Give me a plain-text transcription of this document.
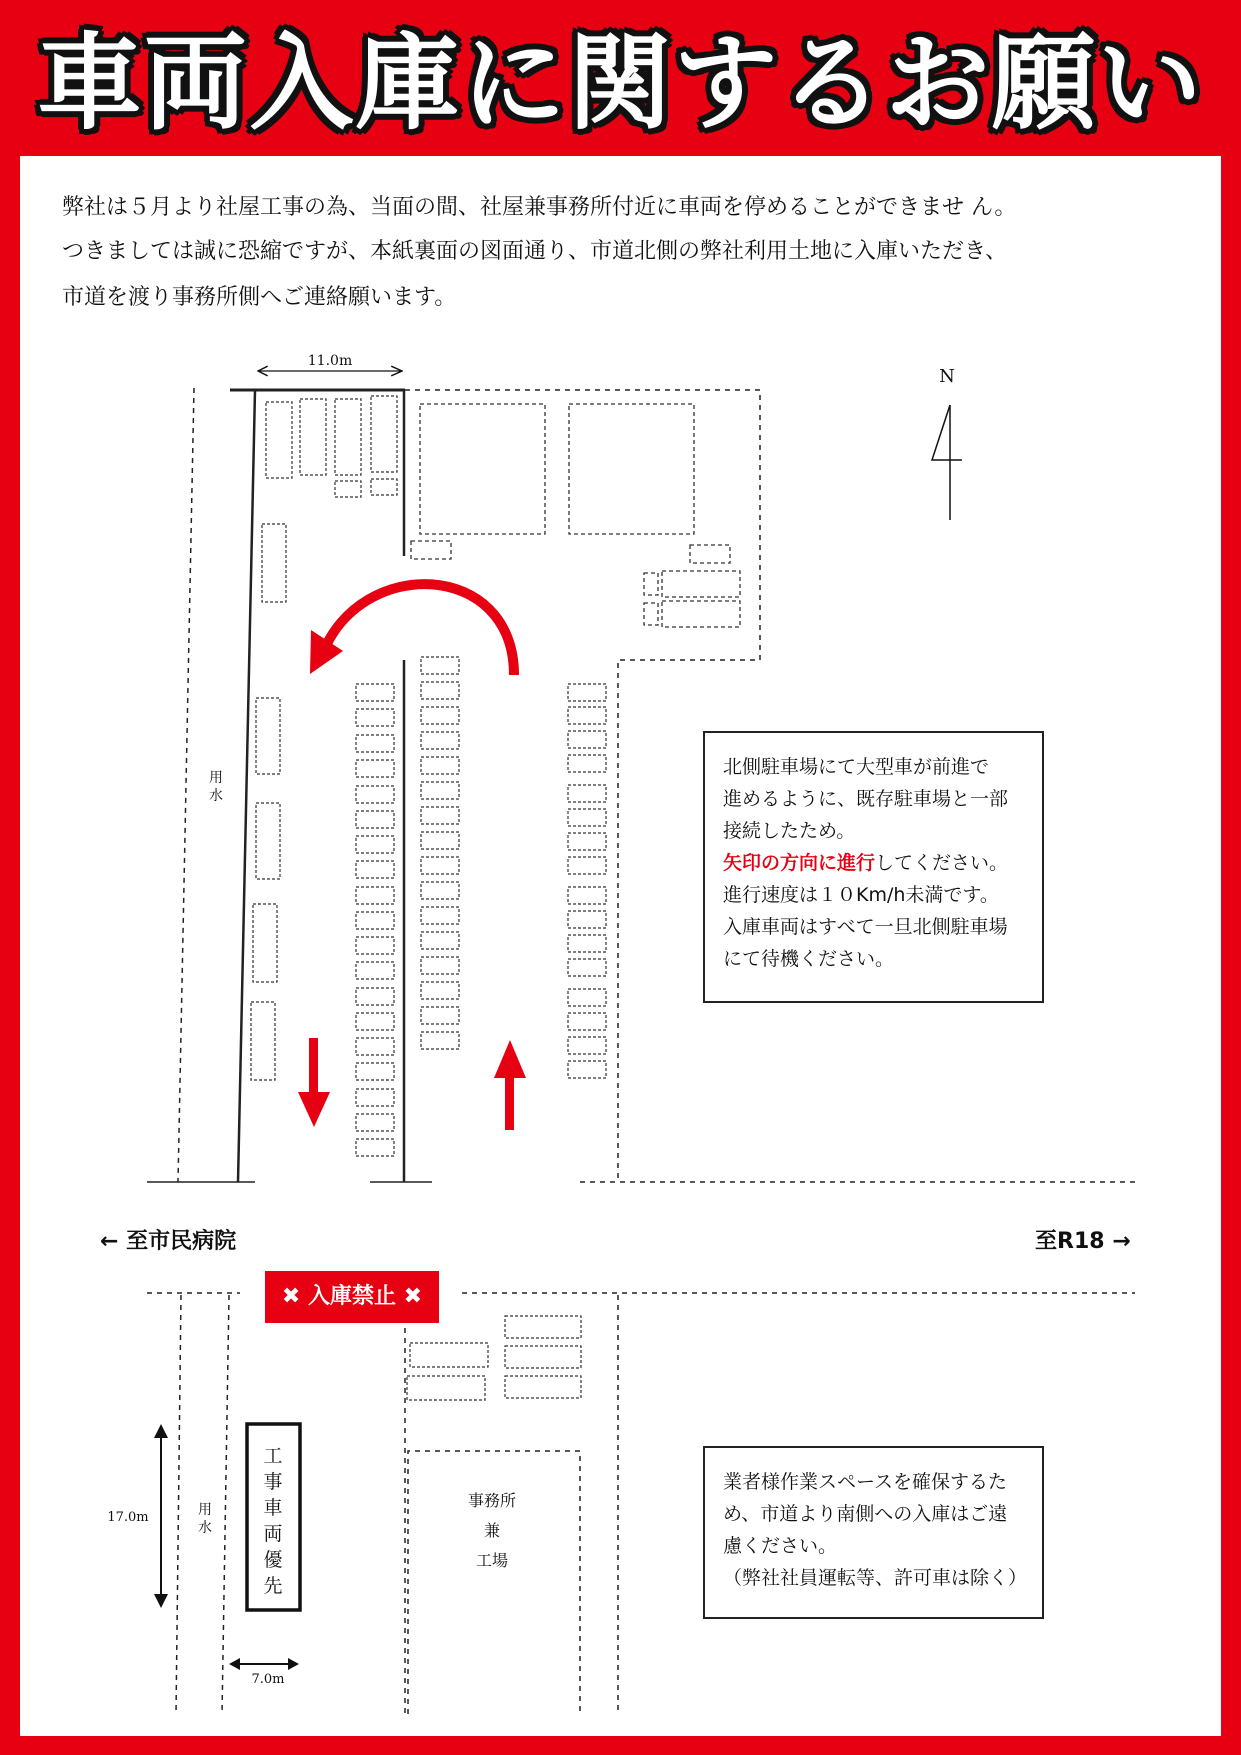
車両入庫に関するお願い
弊社は５月より社屋工事の為、当面の間、社屋兼事務所付近に車両を停めることができませ ん。
つきましては誠に恐縮ですが、本紙裏面の図面通り、市道北側の弊社利用土地に入庫いただき、
市道を渡り事務所側へご連絡願います。
11.0m
N
用
水
工
事
車
両
優
先
事務所
兼
工場
用
水
17.0m
7.0m
← 至市民病院	至R18 →
✖ 入庫禁止 ✖
北側駐車場にて大型車が前進で
進めるように、既存駐車場と一部
接続したため。
矢印の方向に進行してください。
進行速度は１０Km/h未満です。
入庫車両はすべて一旦北側駐車場
にて待機ください。
業者様作業スペースを確保するた
め、市道より南側への入庫はご遠
慮ください。
（弊社社員運転等、許可車は除く）
